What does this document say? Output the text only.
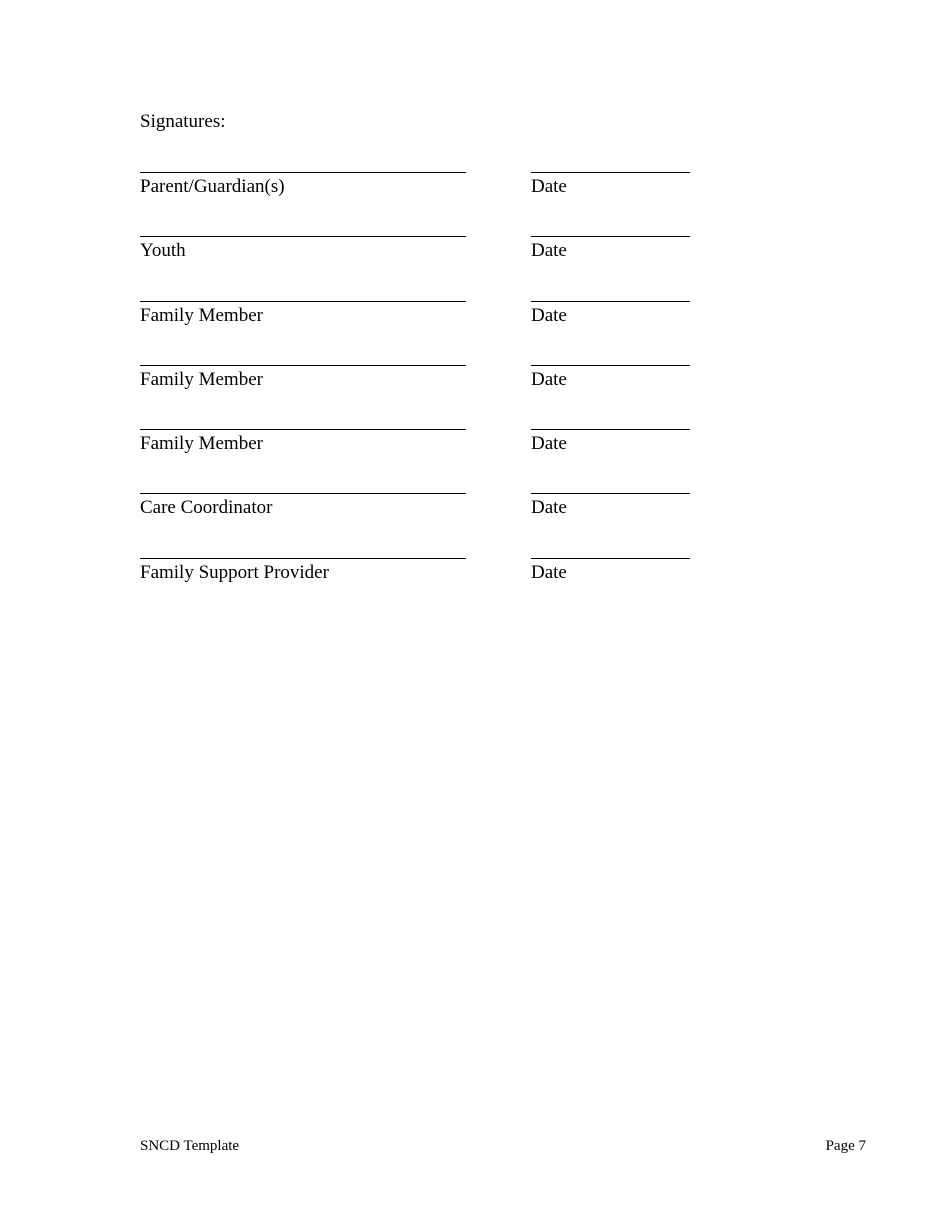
Signatures:
Parent/Guardian(s)	Date
Youth	Date
Family Member	Date
Family Member	Date
Family Member	Date
Care Coordinator	Date
Family Support Provider	Date
SNCD Template	Page 7
